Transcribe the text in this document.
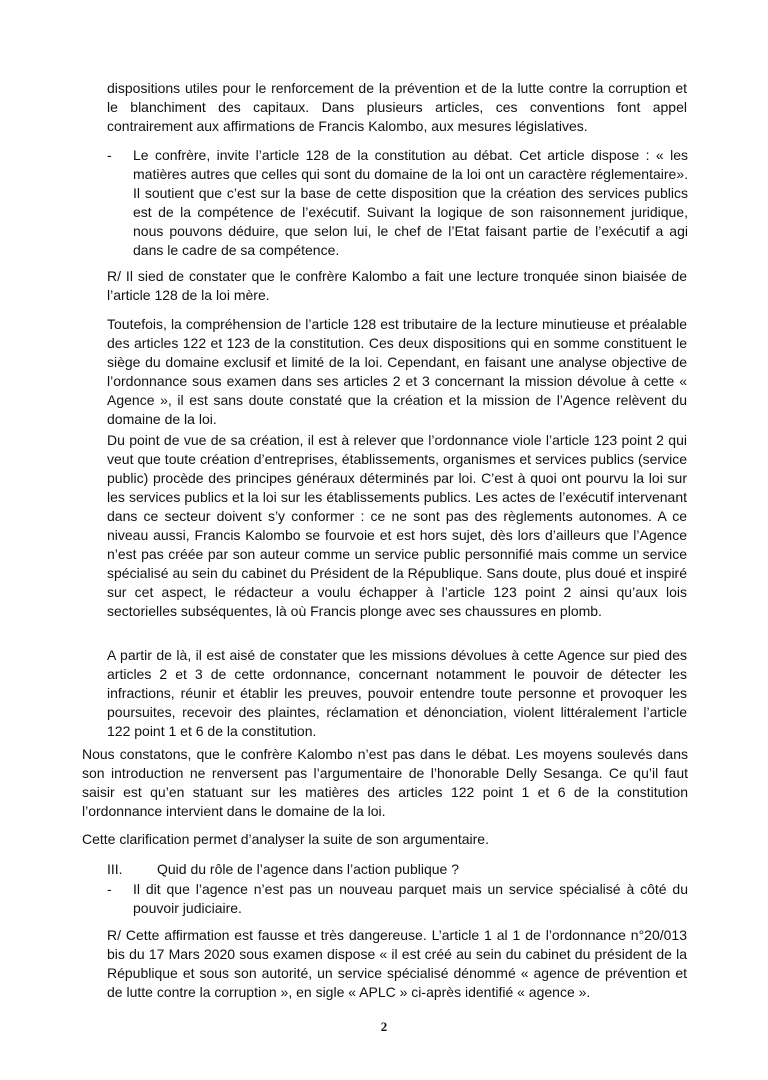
dispositions utiles pour le renforcement de la prévention et de la lutte contre la corruption et le blanchiment des capitaux. Dans plusieurs articles, ces conventions font appel contrairement aux affirmations de Francis Kalombo, aux mesures législatives.

- Le confrère, invite l’article 128 de la constitution au débat. Cet article dispose : « les matières autres que celles qui sont du domaine de la loi ont un caractère réglementaire». Il soutient que c’est sur la base de cette disposition que la création des services publics est de la compétence de l’exécutif. Suivant la logique de son raisonnement juridique, nous pouvons déduire, que selon lui, le chef de l’Etat faisant partie de l’exécutif a agi dans le cadre de sa compétence.

R/ Il sied de constater que le confrère Kalombo a fait une lecture tronquée sinon biaisée de l’article 128 de la loi mère.

Toutefois, la compréhension de l’article 128 est tributaire de la lecture minutieuse et préalable des articles 122 et 123 de la constitution. Ces deux dispositions qui en somme constituent le siège du domaine exclusif et limité de la loi. Cependant, en faisant une analyse objective de l’ordonnance sous examen dans ses articles 2 et 3 concernant la mission dévolue à cette « Agence », il est sans doute constaté que la création et la mission de l’Agence relèvent du domaine de la loi.

Du point de vue de sa création, il est à relever que l’ordonnance viole l’article 123 point 2 qui veut que toute création d’entreprises, établissements, organismes et services publics (service public) procède des principes généraux déterminés par loi. C’est à quoi ont pourvu la loi sur les services publics et la loi sur les établissements publics. Les actes de l’exécutif intervenant dans ce secteur doivent s’y conformer : ce ne sont pas des règlements autonomes. A ce niveau aussi, Francis Kalombo se fourvoie et est hors sujet, dès lors d’ailleurs que l’Agence n’est pas créée par son auteur comme un service public personnifié mais comme un service spécialisé au sein du cabinet du Président de la République. Sans doute, plus doué et inspiré sur cet aspect, le rédacteur a voulu échapper à l’article 123 point 2 ainsi qu’aux lois sectorielles subséquentes, là où Francis plonge avec ses chaussures en plomb.

A partir de là, il est aisé de constater que les missions dévolues à cette Agence sur pied des articles 2 et 3 de cette ordonnance, concernant notamment le pouvoir de détecter les infractions, réunir et établir les preuves, pouvoir entendre toute personne et provoquer les poursuites, recevoir des plaintes, réclamation et dénonciation, violent littéralement l’article 122 point 1 et 6 de la constitution.

Nous constatons, que le confrère Kalombo n’est pas dans le débat. Les moyens soulevés dans son introduction ne renversent pas l’argumentaire de l’honorable Delly Sesanga. Ce qu’il faut saisir est qu’en statuant sur les matières des articles 122 point 1 et 6 de la constitution l’ordonnance intervient dans le domaine de la loi.

Cette clarification permet d’analyser la suite de son argumentaire.

III. Quid du rôle de l’agence dans l’action publique ?

- Il dit que l’agence n’est pas un nouveau parquet mais un service spécialisé à côté du pouvoir judiciaire.

R/ Cette affirmation est fausse et très dangereuse. L’article 1 al 1 de l’ordonnance n°20/013 bis du 17 Mars 2020 sous examen dispose « il est créé au sein du cabinet du président de la République et sous son autorité, un service spécialisé dénommé « agence de prévention et de lutte contre la corruption », en sigle « APLC » ci-après identifié « agence ».

2
